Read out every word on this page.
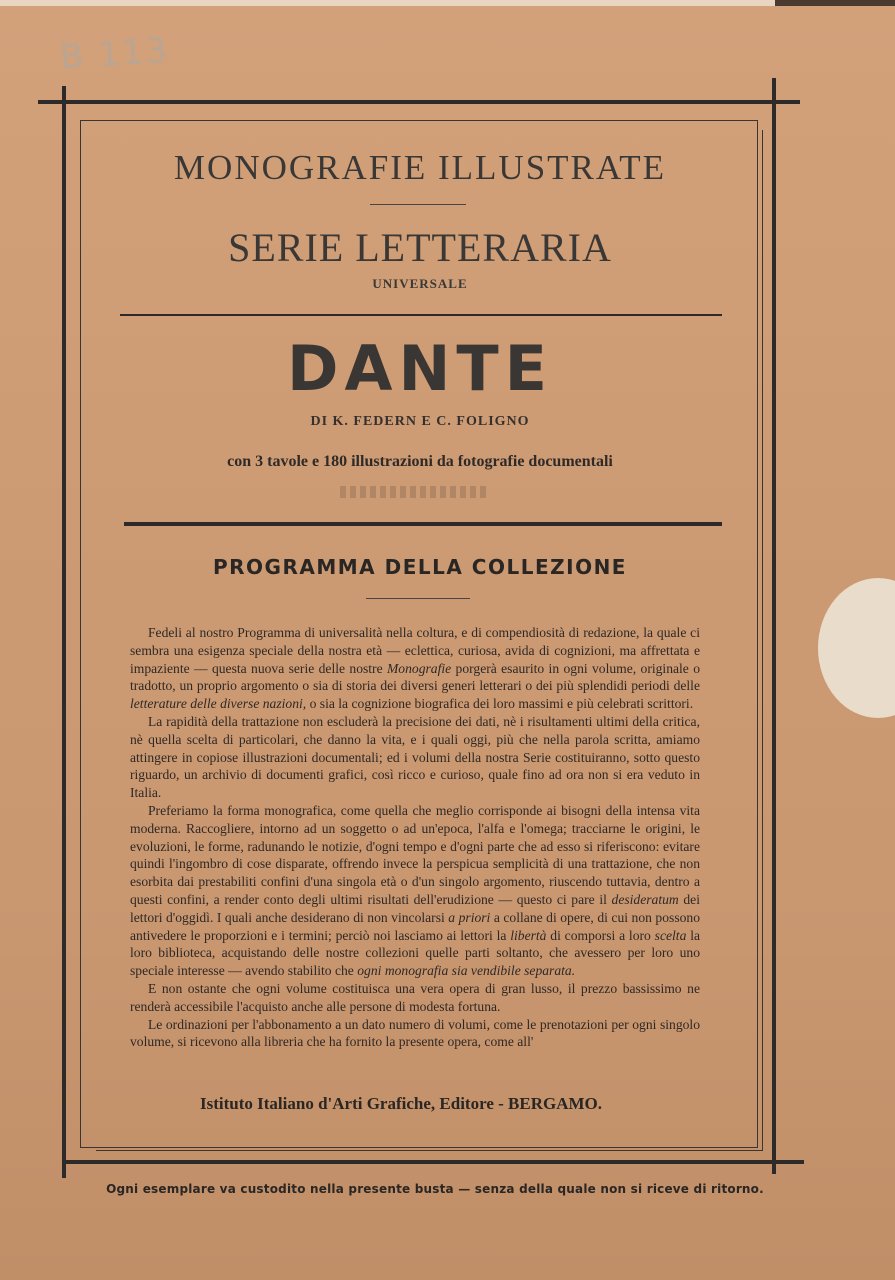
B 113
MONOGRAFIE ILLUSTRATE
SERIE LETTERARIA
UNIVERSALE
DANTE
DI K. FEDERN E C. FOLIGNO
con 3 tavole e 180 illustrazioni da fotografie documentali
PROGRAMMA DELLA COLLEZIONE

Fedeli al nostro Programma di universalità nella coltura, e di compendiosità di redazione, la quale ci sembra una esigenza speciale della nostra età — eclettica, curiosa, avida di cognizioni, ma affrettata e impaziente — questa nuova serie delle nostre Monografie porgerà esaurito in ogni volume, originale o tradotto, un proprio argomento o sia di storia dei diversi generi letterari o dei più splendidi periodi delle letterature delle diverse nazioni, o sia la cognizione biografica dei loro massimi e più celebrati scrittori.

La rapidità della trattazione non escluderà la precisione dei dati, nè i risultamenti ultimi della critica, nè quella scelta di particolari, che danno la vita, e i quali oggi, più che nella parola scritta, amiamo attingere in copiose illustrazioni documentali; ed i volumi della nostra Serie costituiranno, sotto questo riguardo, un archivio di documenti grafici, così ricco e curioso, quale fino ad ora non si era veduto in Italia.

Preferiamo la forma monografica, come quella che meglio corrisponde ai bisogni della intensa vita moderna. Raccogliere, intorno ad un soggetto o ad un'epoca, l'alfa e l'omega; tracciarne le origini, le evoluzioni, le forme, radunando le notizie, d'ogni tempo e d'ogni parte che ad esso si riferiscono: evitare quindi l'ingombro di cose disparate, offrendo invece la perspicua semplicità di una trattazione, che non esorbita dai prestabiliti confini d'una singola età o d'un singolo argomento, riuscendo tuttavia, dentro a questi confini, a render conto degli ultimi risultati dell'erudizione — questo ci pare il desideratum dei lettori d'oggidì. I quali anche desiderano di non vincolarsi a priori a collane di opere, di cui non possono antivedere le proporzioni e i termini; perciò noi lasciamo ai lettori la libertà di comporsi a loro scelta la loro biblioteca, acquistando delle nostre collezioni quelle parti soltanto, che avessero per loro uno speciale interesse — avendo stabilito che ogni monografia sia vendibile separata.

E non ostante che ogni volume costituisca una vera opera di gran lusso, il prezzo bassissimo ne renderà accessibile l'acquisto anche alle persone di modesta fortuna.

Le ordinazioni per l'abbonamento a un dato numero di volumi, come le prenotazioni per ogni singolo volume, si ricevono alla libreria che ha fornito la presente opera, come all'

Istituto Italiano d'Arti Grafiche, Editore - BERGAMO.
Ogni esemplare va custodito nella presente busta — senza della quale non si riceve di ritorno.
